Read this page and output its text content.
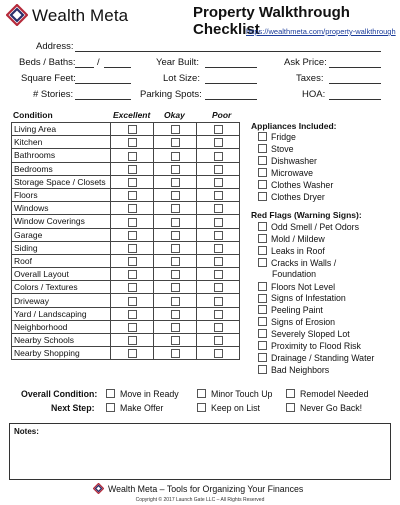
Wealth Meta	Property Walkthrough Checklist
https://wealthmeta.com/property-walkthrough
Address:
Beds / Baths: /	Year Built:	Ask Price:
Square Feet:	Lot Size:	Taxes:
# Stories:	Parking Spots:	HOA:
Condition	Excellent Okay	Poor
Living Area			
Kitchen			
Bathrooms			
Bedrooms			
Storage Space / Closets			
Floors			
Windows			
Window Coverings			
Garage			
Siding			
Roof			
Overall Layout			
Colors / Textures			
Driveway			
Yard / Landscaping			
Neighborhood			
Nearby Schools			
Nearby Shopping			
Appliances Included:
Fridge
Stove
Dishwasher
Microwave
Clothes Washer
Clothes Dryer
Red Flags (Warning Signs):
Odd Smell / Pet Odors
Mold / Mildew
Leaks in Roof
Cracks in Walls /
Floors Not Level
Signs of Infestation
Peeling Paint
Signs of Erosion
Severely Sloped Lot
Proximity to Flood Risk
Drainage / Standing Water
Bad Neighbors
Foundation
Overall Condition:	Move in Ready	Minor Touch Up	Remodel Needed
Next Step:	Make Offer	Keep on List	Never Go Back!
Notes:
Wealth Meta – Tools for Organizing Your Finances
Copyright © 2017 Launch Gate LLC – All Rights Reserved
